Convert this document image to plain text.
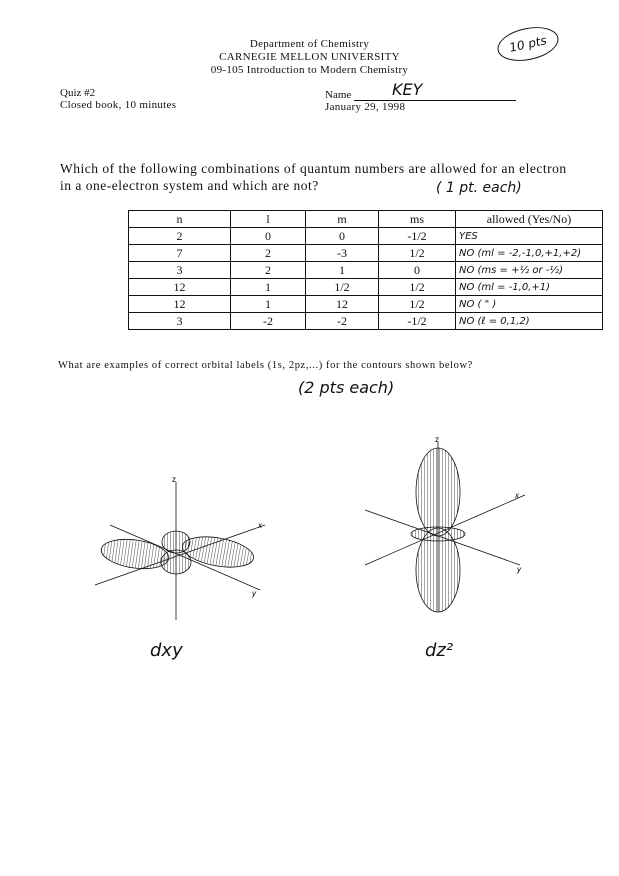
Department of Chemistry
CARNEGIE MELLON UNIVERSITY
09-105 Introduction to Modern Chemistry
10 pts
Quiz #2
Closed book, 10 minutes
Name	KEY
January 29, 1998
Which of the following combinations of quantum numbers are allowed for an electron in a one-electron system and which are not?	( 1 pt. each)
n	l	m	ms	allowed (Yes/No)
2	0	0	-1/2	YES
7	2	-3	1/2	NO (ml = -2,-1,0,+1,+2)
3	2	1	0	NO (ms = +½ or -½)
12	1	1/2	1/2	NO (ml = -1,0,+1)
12	1	12	1/2	NO ( " )
3	-2	-2	-1/2	NO (ℓ = 0,1,2)
What are examples of correct orbital labels (1s, 2pz,...) for the contours shown below?
(2 pts each)
z
x
y
dxy
z
x
y
dz²
